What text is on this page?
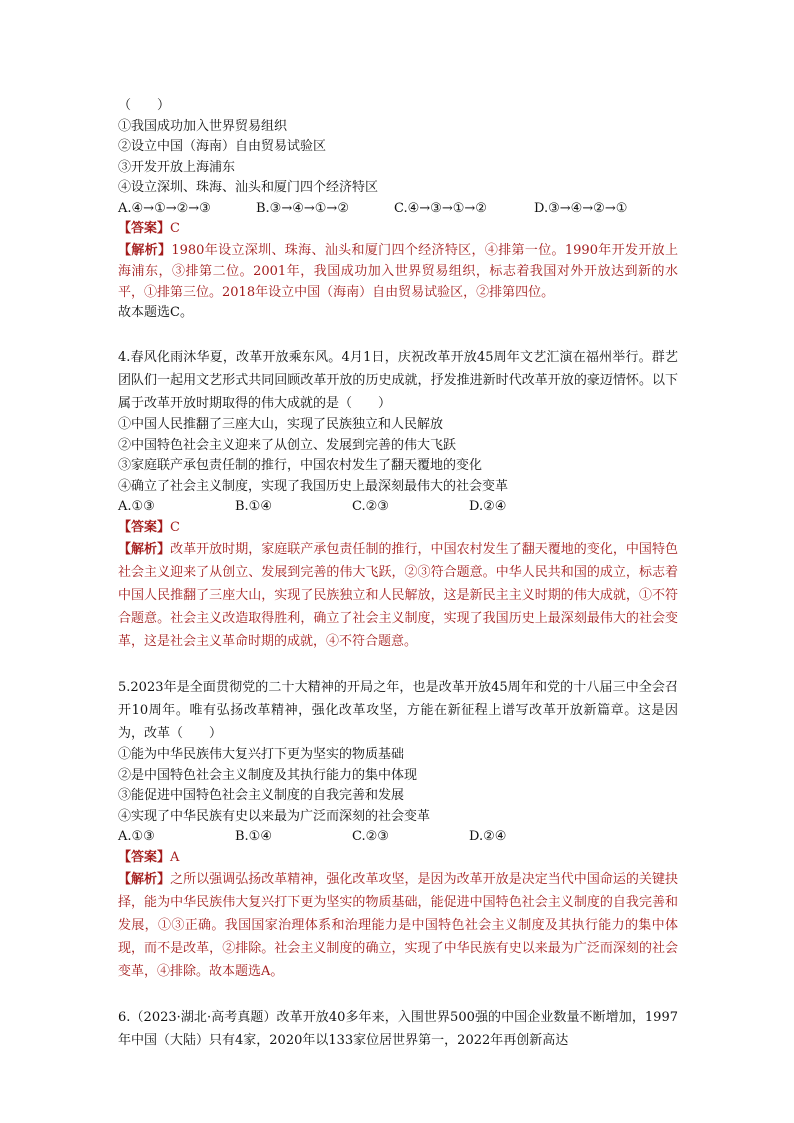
（　　）
①我国成功加入世界贸易组织
②设立中国（海南）自由贸易试验区
③开发开放上海浦东
④设立深圳、珠海、汕头和厦门四个经济特区
A.④→①→②→③	B.③→④→①→②	C.④→③→①→②	D.③→④→②→①
【答案】C
【解析】1980年设立深圳、珠海、汕头和厦门四个经济特区，④排第一位。1990年开发开放上海浦东，③排第二位。2001年，我国成功加入世界贸易组织，标志着我国对外开放达到新的水平，①排第三位。2018年设立中国（海南）自由贸易试验区，②排第四位。
故本题选C。
4.春风化雨沐华夏，改革开放乘东风。4月1日，庆祝改革开放45周年文艺汇演在福州举行。群艺团队们一起用文艺形式共同回顾改革开放的历史成就，抒发推进新时代改革开放的豪迈情怀。以下属于改革开放时期取得的伟大成就的是（　　）
①中国人民推翻了三座大山，实现了民族独立和人民解放
②中国特色社会主义迎来了从创立、发展到完善的伟大飞跃
③家庭联产承包责任制的推行，中国农村发生了翻天覆地的变化
④确立了社会主义制度，实现了我国历史上最深刻最伟大的社会变革
A.①③	B.①④	C.②③	D.②④
【答案】C
【解析】改革开放时期，家庭联产承包责任制的推行，中国农村发生了翻天覆地的变化，中国特色社会主义迎来了从创立、发展到完善的伟大飞跃，②③符合题意。中华人民共和国的成立，标志着中国人民推翻了三座大山，实现了民族独立和人民解放，这是新民主主义时期的伟大成就，①不符合题意。社会主义改造取得胜利，确立了社会主义制度，实现了我国历史上最深刻最伟大的社会变革，这是社会主义革命时期的成就，④不符合题意。
5.2023年是全面贯彻党的二十大精神的开局之年，也是改革开放45周年和党的十八届三中全会召开10周年。唯有弘扬改革精神，强化改革攻坚，方能在新征程上谱写改革开放新篇章。这是因为，改革（　　）
①能为中华民族伟大复兴打下更为坚实的物质基础
②是中国特色社会主义制度及其执行能力的集中体现
③能促进中国特色社会主义制度的自我完善和发展
④实现了中华民族有史以来最为广泛而深刻的社会变革
A.①③	B.①④	C.②③	D.②④
【答案】A
【解析】之所以强调弘扬改革精神，强化改革攻坚，是因为改革开放是决定当代中国命运的关键抉择，能为中华民族伟大复兴打下更为坚实的物质基础，能促进中国特色社会主义制度的自我完善和发展，①③正确。我国国家治理体系和治理能力是中国特色社会主义制度及其执行能力的集中体现，而不是改革，②排除。社会主义制度的确立，实现了中华民族有史以来最为广泛而深刻的社会变革，④排除。故本题选A。
6.（2023·湖北·高考真题）改革开放40多年来，入围世界500强的中国企业数量不断增加，1997年中国（大陆）只有4家，2020年以133家位居世界第一，2022年再创新高达
